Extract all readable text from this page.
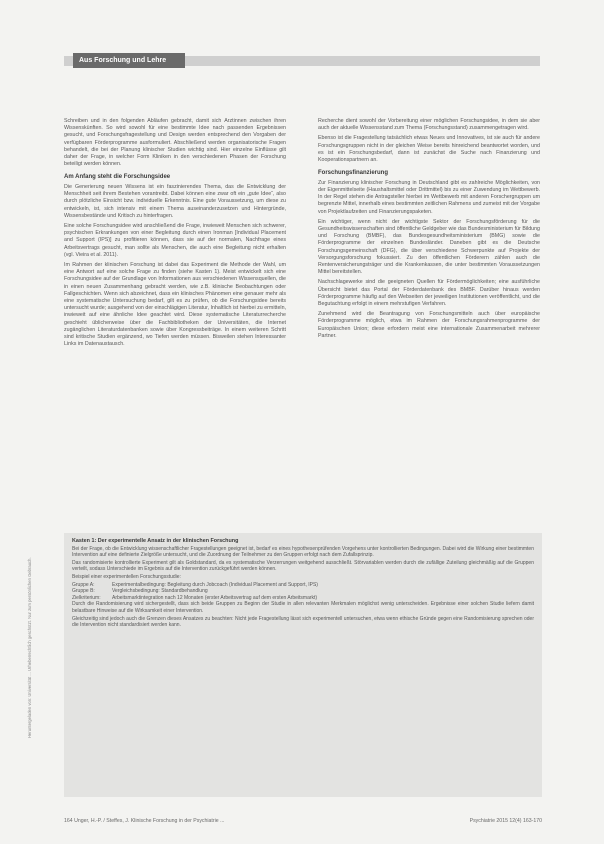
Aus Forschung und Lehre
Heruntergeladen von: Universität ... Urheberrechtlich geschützt. Nur zum persönlichen Gebrauch.

Schreiben und in den folgenden Abläufen gebracht, damit sich Ärztinnen zwischen ihren Wissenskünften. So wird sowohl für eine bestimmte Idee nach passenden Ergebnissen gesucht, und Forschungsfragestellung und Design werden entsprechend den Vorgaben der verfügbaren Förderprogramme ausformuliert. Abschließend werden organisatorische Fragen behandelt, die bei der Planung klinischer Studien wichtig sind. Hier einzelne Einflüsse gilt daher der Frage, in welcher Form Kliniken in den verschiedenen Phasen der Forschung beteiligt werden können.

Am Anfang steht die Forschungsidee

Die Generierung neuen Wissens ist ein faszinierendes Thema, das die Entwicklung der Menschheit seit ihrem Bestehen vorantreibt. Dabei können eine zwar oft ein „gute Idee“, also durch plötzliche Einsicht bzw. individuelle Erkenntnis. Eine gute Voraussetzung, um diese zu entwickeln, ist, sich intensiv mit einem Thema auseinanderzusetzen und Hintergründe, Wissensbestände und Kritisch zu hinterfragen.

Eine solche Forschungsidee wird anschließend die Frage, inwieweit Menschen sich schwerer, psychischen Erkrankungen von einer Begleitung durch einen Ironman [Individual Placement and Support (IPS)] zu profitieren können, dass sie auf der normalen, Nachfrage eines Arbeitsvertrags gesucht, man sollte als Menschen, die auch eine Begleitung nicht erhalten (vgl. Vieira et al. 2011).

Im Rahmen der klinischen Forschung ist dabei das Experiment die Methode der Wahl, um eine Antwort auf eine solche Frage zu finden (siehe Kasten 1). Meist entwickelt sich eine Forschungsidee auf der Grundlage von Informationen aus verschiedenen Wissensquellen, die in einen neuen Zusammenhang gebracht werden, wie z.B. klinische Beobachtungen oder Fallgeschichten. Wenn sich abzeichnet, dass ein klinisches Phänomen eine genauer mehr als eine systematische Untersuchung bedarf, gilt es zu prüfen, ob die Forschungsidee bereits untersucht wurde; ausgehend von der einschlägigen Literatur, Inhaltlich ist hierbei zu ermitteln, inwieweit auf eine ähnliche Idee geachtet wird. Diese systematische Literaturrecherche geschieht üblicherweise über die Fachbibliotheken der Universitäten, die Internet zugänglichen Literaturdatenbanken sowie über Kongressbeiträge. In einem weiteren Schritt sind kritische Studien ergänzend, wo Tiefen werden müssen. Bisweilen stehen Interessanter Links im Datenaustausch.

Recherche dient sowohl der Vorbereitung einer möglichen Forschungsidee, in dem sie aber auch der aktuelle Wissensstand zum Thema (Forschungsstand) zusammengetragen wird.

Ebenso ist die Fragestellung tatsächlich etwas Neues und Innovatives, ist sie auch für andere Forschungsgruppen nicht in der gleichen Weise bereits hinreichend beantwortet worden, und es ist ein Forschungsbedarf, dann ist zunächst die Suche nach Finanzierung und Kooperationspartnern an.

Forschungsfinanzierung

Zur Finanzierung klinischer Forschung in Deutschland gibt es zahlreiche Möglichkeiten, von der Eigenmittelseite (Haushaltsmittel oder Drittmittel) bis zu einer Zuwendung im Wettbewerb. In der Regel stehen die Antragsteller hierbei im Wettbewerb mit anderen Forschergruppen um begrenzte Mittel, innerhalb eines bestimmten zeitlichen Rahmens und zumeist mit der Vorgabe von Projektlaufzeiten und Finanzierungspaketen.

Ein wichtiger, wenn nicht der wichtigste Sektor der Forschungsförderung für die Gesundheitswissenschaften sind öffentliche Geldgeber wie das Bundesministerium für Bildung und Forschung (BMBF), das Bundesgesundheitsministerium (BMG) sowie die Förderprogramme der einzelnen Bundesländer. Daneben gibt es die Deutsche Forschungsgemeinschaft (DFG), die über verschiedene Schwerpunkte auf Projekte der Versorgungsforschung fokussiert. Zu den öffentlichen Förderern zählen auch die Rentenversicherungsträger und die Krankenkassen, die unter bestimmten Voraussetzungen Mittel bereitstellen.

Nachschlagewerke sind die geeigneten Quellen für Fördermöglichkeiten; eine ausführliche Übersicht bietet das Portal der Förderdatenbank des BMBF. Darüber hinaus werden Förderprogramme häufig auf den Webseiten der jeweiligen Institutionen veröffentlicht, und die Begutachtung erfolgt in einem mehrstufigen Verfahren.

Zunehmend wird die Beantragung von Forschungsmitteln auch über europäische Förderprogramme möglich, etwa im Rahmen der Forschungsrahmenprogramme der Europäischen Union; diese erfordern meist eine internationale Zusammenarbeit mehrerer Partner.

Kasten 1: Der experimentelle Ansatz in der klinischen Forschung

Bei der Frage, ob die Entwicklung wissenschaftlicher Fragestellungen geeignet ist, bedarf es eines hypothesenprüfenden Vorgehens unter kontrollierten Bedingungen. Dabei wird die Wirkung einer bestimmten Intervention auf eine definierte Zielgröße untersucht, und die Zuordnung der Teilnehmer zu den Gruppen erfolgt nach dem Zufallsprinzip.

Das randomisierte kontrollierte Experiment gilt als Goldstandard, da es systematische Verzerrungen weitgehend ausschließt. Störvariablen werden durch die zufällige Zuteilung gleichmäßig auf die Gruppen verteilt, sodass Unterschiede im Ergebnis auf die Intervention zurückgeführt werden können.

Beispiel einer experimentellen Forschungsstudie:

Gruppe A:	Experimentalbedingung: Begleitung durch Jobcoach (Individual Placement and Support, IPS)
Gruppe B:	Vergleichsbedingung: Standardbehandlung
Zielkriterium:	Arbeitsmarktintegration nach 12 Monaten (erster Arbeitsvertrag auf dem ersten Arbeitsmarkt)

Durch die Randomisierung wird sichergestellt, dass sich beide Gruppen zu Beginn der Studie in allen relevanten Merkmalen möglichst wenig unterscheiden. Ergebnisse einer solchen Studie liefern damit belastbare Hinweise auf die Wirksamkeit einer Intervention.

Gleichzeitig sind jedoch auch die Grenzen dieses Ansatzes zu beachten: Nicht jede Fragestellung lässt sich experimentell untersuchen, etwa wenn ethische Gründe gegen eine Randomisierung sprechen oder die Intervention nicht standardisiert werden kann.

164 Unger, H.-P. / Steffes, J. Klinische Forschung in der Psychiatrie ...	Psychiatrie 2015 12(4) 163-170
